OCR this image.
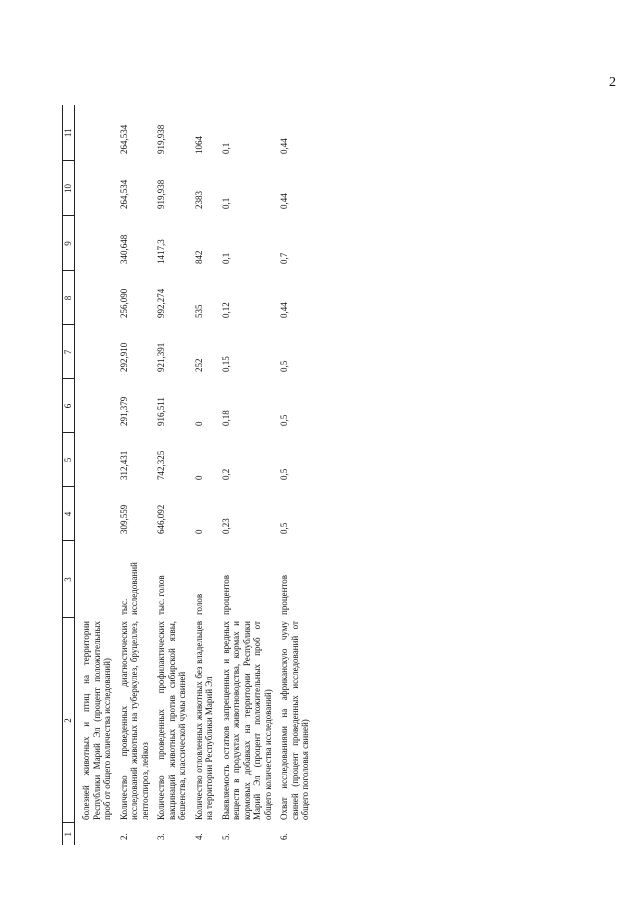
2
1	2	3	4	5	6	7	8	9	10	11
	болезней животных и птиц на территории Республики Марий Эл (процент положительных проб от общего количества исследований)									
2.	Количество проведенных диагностических исследований животных на туберкулез, бруцеллез, лептоспироз, лейкоз	тыс. исследований	309,559	312,431	291,379	292,910	256,090	340,648	264,534	264,534
3.	Количество проведенных профилактических вакцинаций животных против сибирской язвы, бешенства, классической чумы свиней	тыс. голов	646,092	742,325	916,511	921,391	992,274	1417,3	919,938	919,938
4.	Количество отловленных животных без владельцев на территории Республики Марий Эл	голов	0	0	0	252	535	842	2383	1064
5.	Выявляемость остатков запрещенных и вредных веществ в продуктах животноводства, кормах и кормовых добавках на территории Республики Марий Эл (процент положительных проб от общего количества исследований)	процентов	0,23	0,2	0,18	0,15	0,12	0,1	0,1	0,1
6.	Охват исследованиями на африканскую чуму свиней (процент проведенных исследований от общего поголовья свиней)	процентов	0,5	0,5	0,5	0,5	0,44	0,7	0,44	0,44
